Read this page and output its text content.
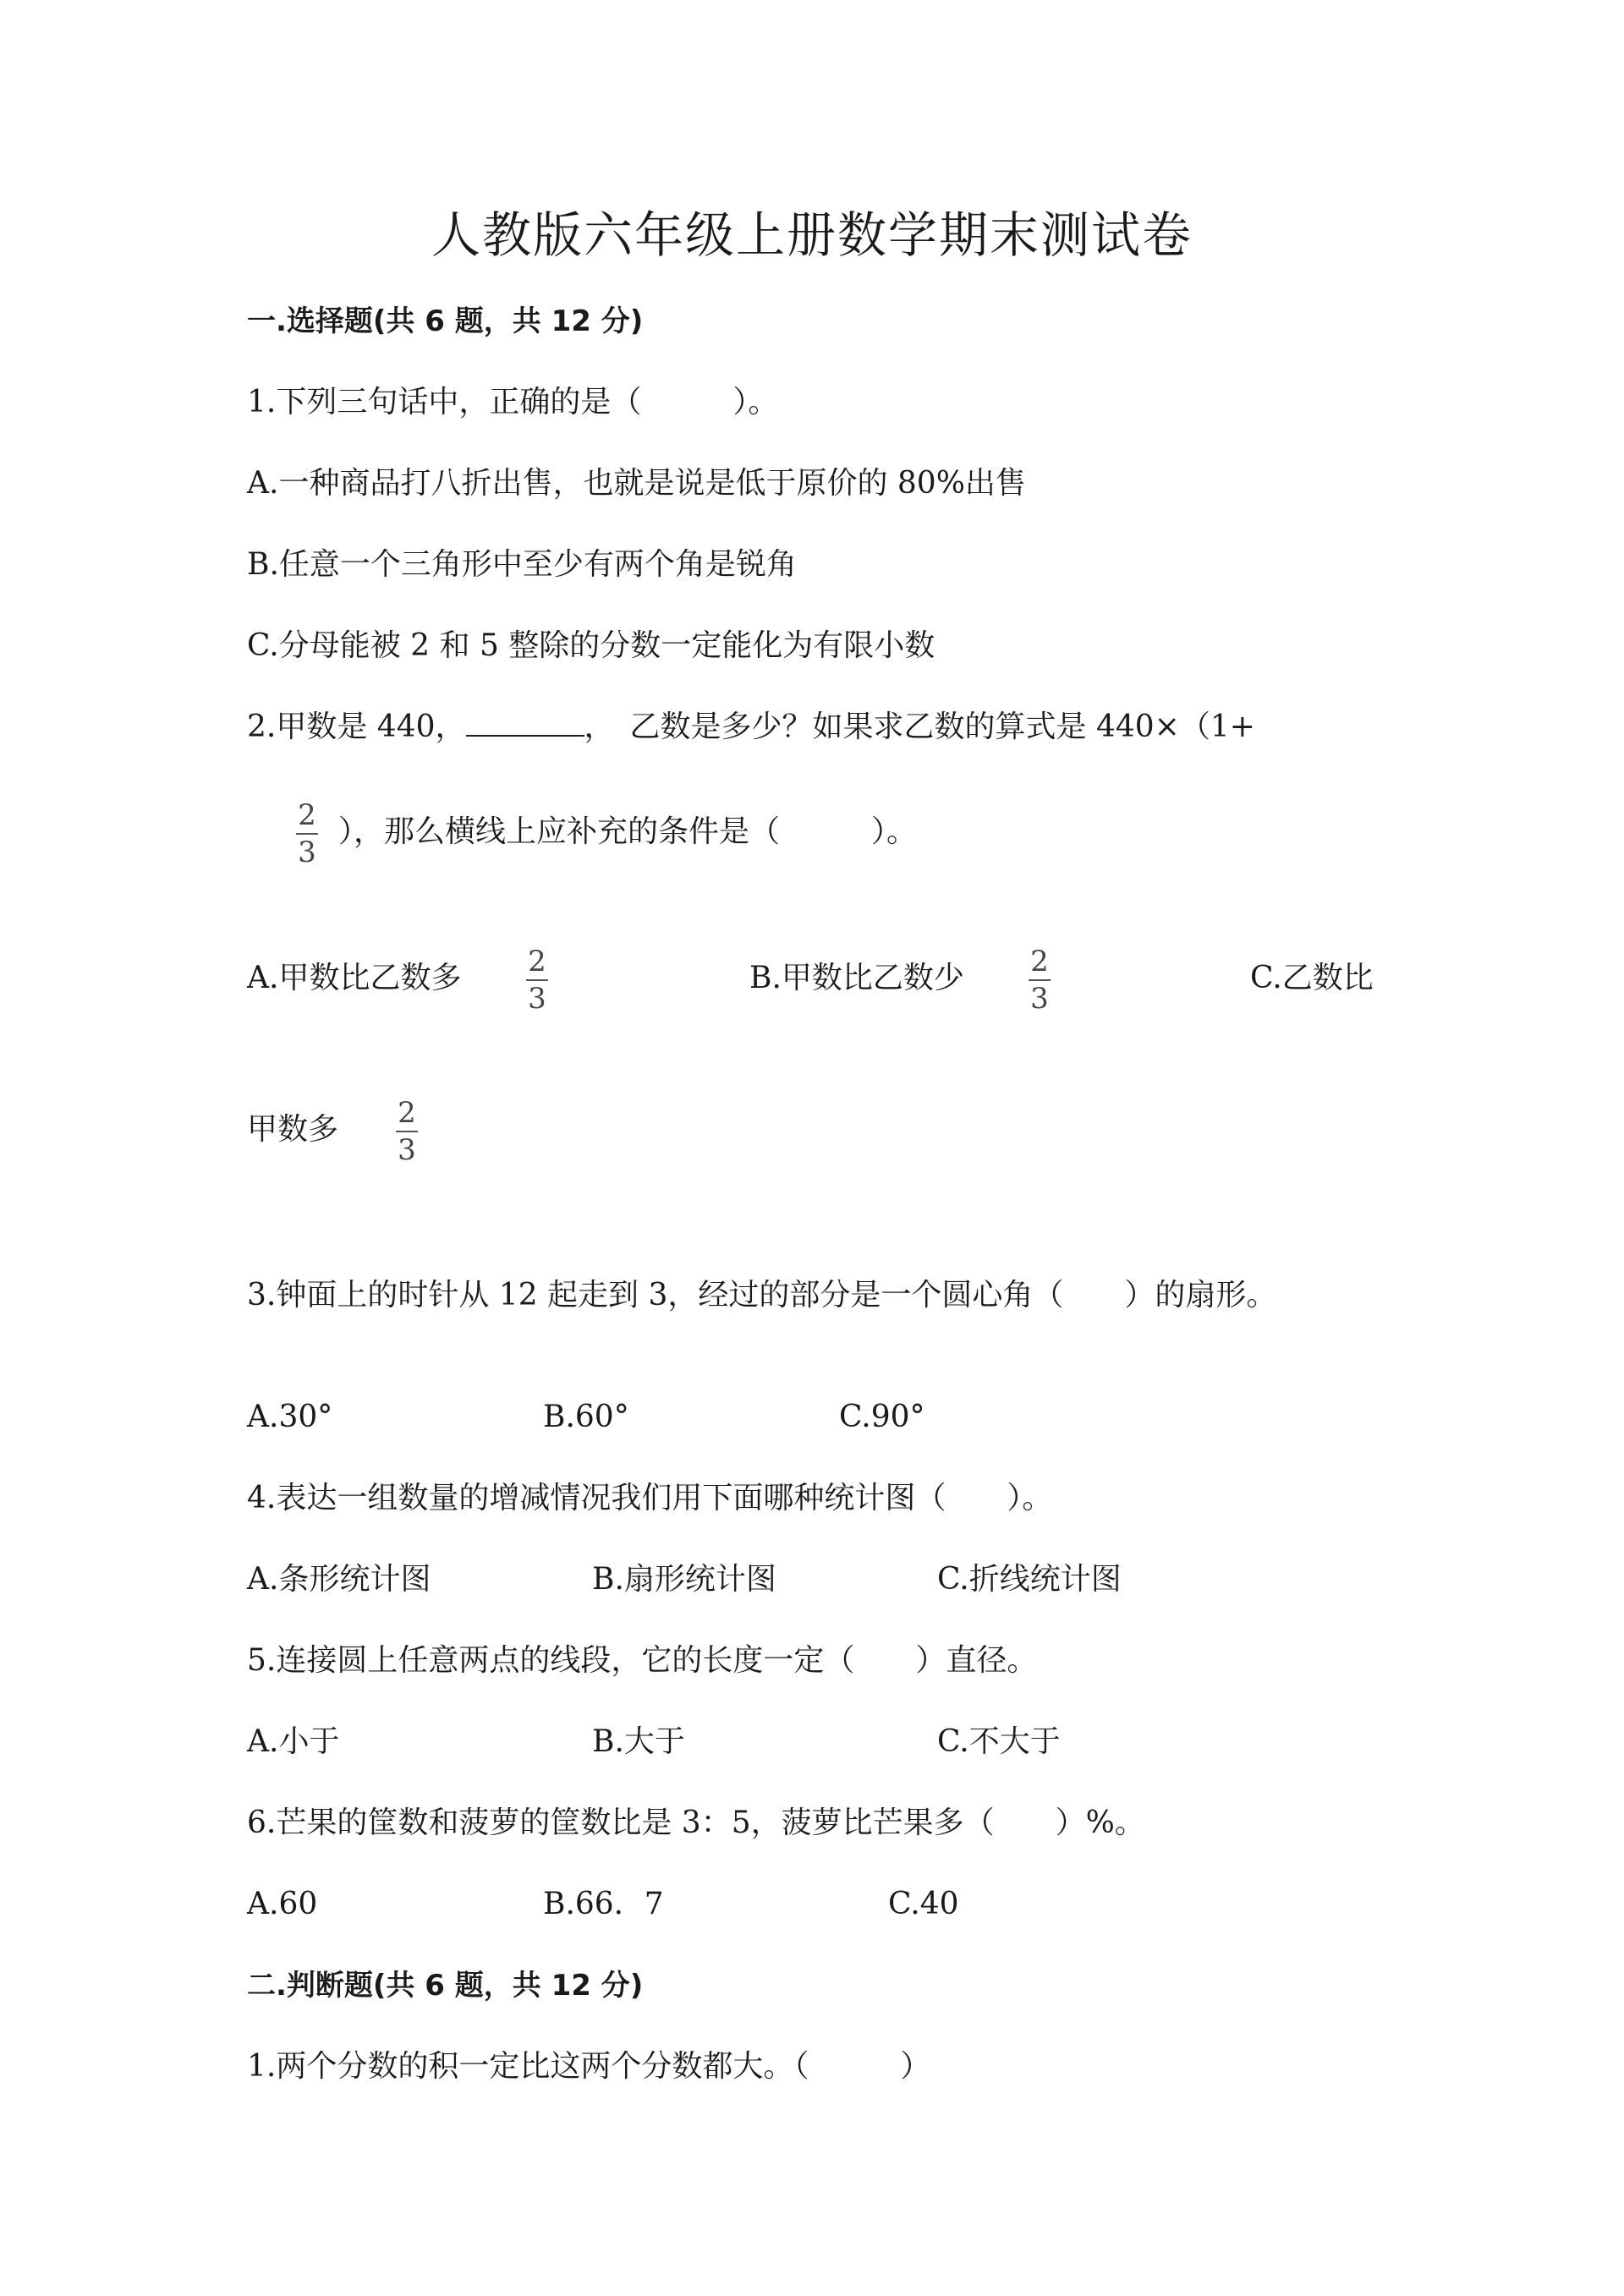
人教版六年级上册数学期末测试卷
一.选择题(共 6 题，共 12 分)
1.下列三句话中，正确的是（　　　）。
A.一种商品打八折出售，也就是说是低于原价的 80%出售
B.任意一个三角形中至少有两个角是锐角
C.分母能被 2 和 5 整除的分数一定能化为有限小数
2.甲数是 440，	，　乙数是多少？如果求乙数的算式是 440×（1+
2
3
），那么横线上应补充的条件是（　　　）。
A.甲数比乙数多 2
3
B.甲数比乙数少 2
3
C.乙数比
甲数多 2
3
3.钟面上的时针从 12 起走到 3，经过的部分是一个圆心角（　　）的扇形。
A.30°	B.60°	C.90°
4.表达一组数量的增减情况我们用下面哪种统计图（　　）。
A.条形统计图	B.扇形统计图	C.折线统计图
5.连接圆上任意两点的线段，它的长度一定（　　）直径。
A.小于	B.大于	C.不大于
6.芒果的筐数和菠萝的筐数比是 3：5，菠萝比芒果多（　　）%。
A.60	B.66．7	C.40
二.判断题(共 6 题，共 12 分)
1.两个分数的积一定比这两个分数都大。（　　　）
